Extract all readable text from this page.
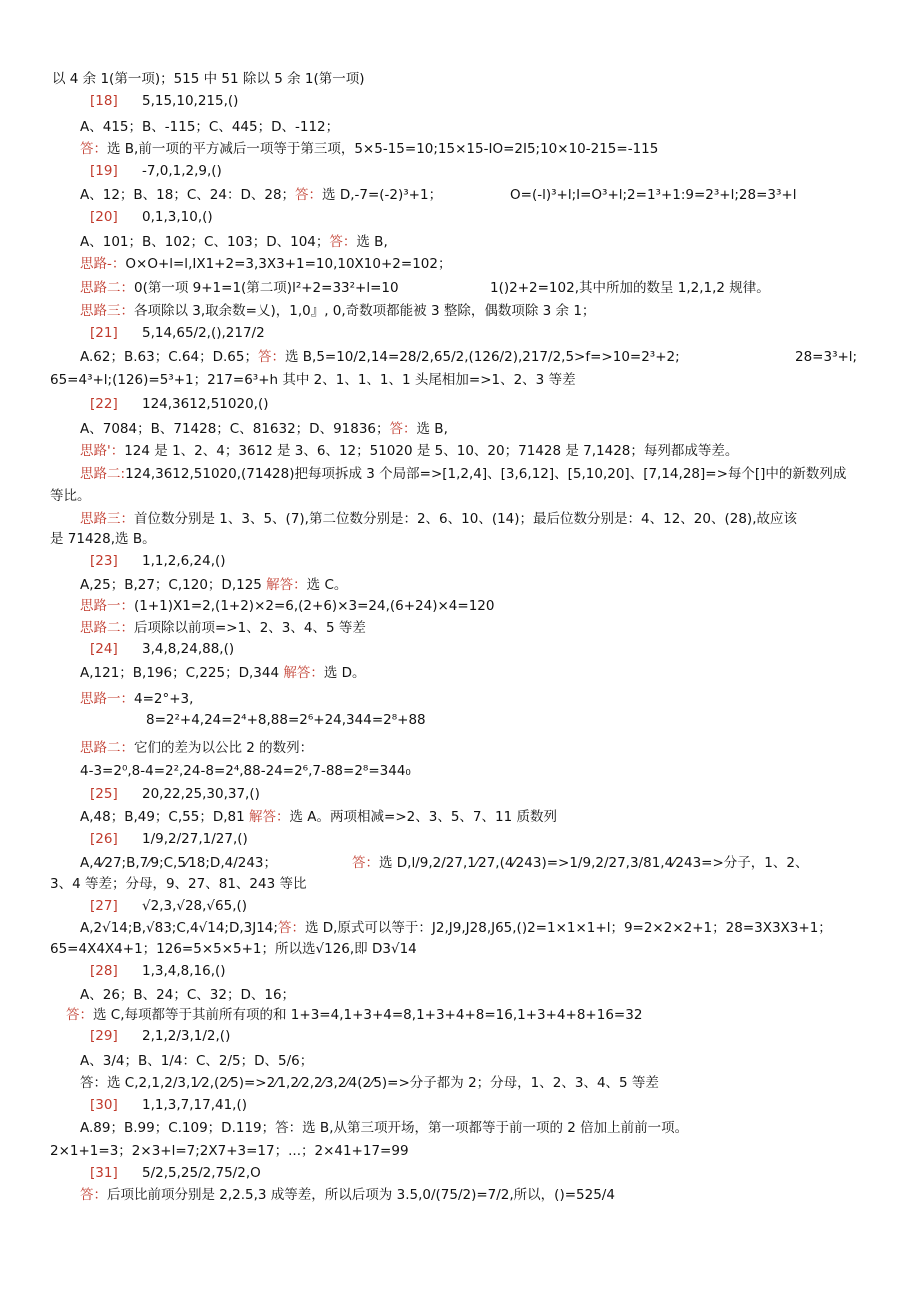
以 4 余 1(第一项)；515 中 51 除以 5 余 1(第一项)
[18] 5,15,10,215,()
A、415；B、-115；C、445；D、-112；
答：选 B,前一项的平方减后一项等于第三项，5×5-15=10;15×15-IO=2I5;10×10-215=-115
[19] -7,0,1,2,9,()
A、12；B、18；C、24：D、28；答：选 D,-7=(-2)³+1；	O=(-l)³+l;I=O³+l;2=1³+1:9=2³+l;28=3³+l
[20] 0,1,3,10,()
A、101；B、102；C、103；D、104；答：选 B,
思路-：O×O+l=l,IX1+2=3,3X3+1=10,10X10+2=102；
思路二：0(第一项 9+1=1(第二项)l²+2=33²+l=10	1()2+2=102,其中所加的数呈 1,2,1,2 规律。
思路三：各项除以 3,取余数=乂)，1,0』, 0,奇数项都能被 3 整除，偶数项除 3 余 1；
[21] 5,14,65/2,(),217/2
A.62；B.63；C.64；D.65；答：选 B,5=10/2,14=28/2,65/2,(126/2),217/2,5>f=>10=2³+2;	28=3³+l;
65=4³+l;(126)=5³+1；217=6³+h 其中 2、1、1、1、1 头尾相加=>1、2、3 等差
[22] 124,3612,51020,()
A、7084；B、71428；C、81632；D、91836；答：选 B,
思路'：124 是 1、2、4；3612 是 3、6、12；51020 是 5、10、20；71428 是 7,1428；每列都成等差。
思路二:124,3612,51020,(71428)把每项拆成 3 个局部=>[1,2,4]、[3,6,12]、[5,10,20]、[7,14,28]=>每个[]中的新数列成
等比。
思路三：首位数分别是 1、3、5、(7),第二位数分别是：2、6、10、(14)；最后位数分别是：4、12、20、(28),故应该
是 71428,选 B。
[23] 1,1,2,6,24,()
A,25；B,27；C,120；D,125 解答：选 C。
思路一：(1+1)X1=2,(1+2)×2=6,(2+6)×3=24,(6+24)×4=120
思路二：后项除以前项=>1、2、3、4、5 等差
[24] 3,4,8,24,88,()
A,121；B,196；C,225；D,344 解答：选 D。
思路一：4=2°+3,
8=2²+4,24=2⁴+8,88=2⁶+24,344=2⁸+88
思路二：它们的差为以公比 2 的数列：
4-3=2⁰,8-4=2²,24-8=2⁴,88-24=2⁶,7-88=2⁸=344₀
[25] 20,22,25,30,37,()
A,48；B,49；C,55；D,81 解答：选 A。两项相减=>2、3、5、7、11 质数列
[26] 1/9,2/27,1/27,()
A,4⁄27;B,7⁄9;C,5⁄18;D,4/243；	答：选 D,l/9,2/27,1⁄27,(4⁄243)=>1/9,2/27,3/81,4⁄243=>分子，1、2、
3、4 等差；分母，9、27、81、243 等比
[27] √2,3,√28,√65,()
A,2√14;B,√83;C,4√14;D,3J14;答：选 D,原式可以等于：J2,J9,J28,J65,()2=1×1×1+l；9=2×2×2+1；28=3X3X3+1；
65=4X4X4+1；126=5×5×5+1；所以选√126,即 D3√14
[28] 1,3,4,8,16,()
A、26；B、24；C、32；D、16；
答：选 C,每项都等于其前所有项的和 1+3=4,1+3+4=8,1+3+4+8=16,1+3+4+8+16=32
[29] 2,1,2/3,1/2,()
A、3/4；B、1/4：C、2/5；D、5/6；
答：选 C,2,1,2/3,1⁄2,(2⁄5)=>2⁄1,2⁄2,2⁄3,2⁄4(2⁄5)=>分子都为 2；分母，1、2、3、4、5 等差
[30] 1,1,3,7,17,41,()
A.89；B.99；C.109；D.119；答：选 B,从第三项开场，第一项都等于前一项的 2 倍加上前前一项。
2×1+1=3；2×3+l=7;2X7+3=17；...；2×41+17=99
[31] 5/2,5,25/2,75/2,O
答：后项比前项分别是 2,2.5,3 成等差，所以后项为 3.5,0/(75/2)=7/2,所以，()=525/4
